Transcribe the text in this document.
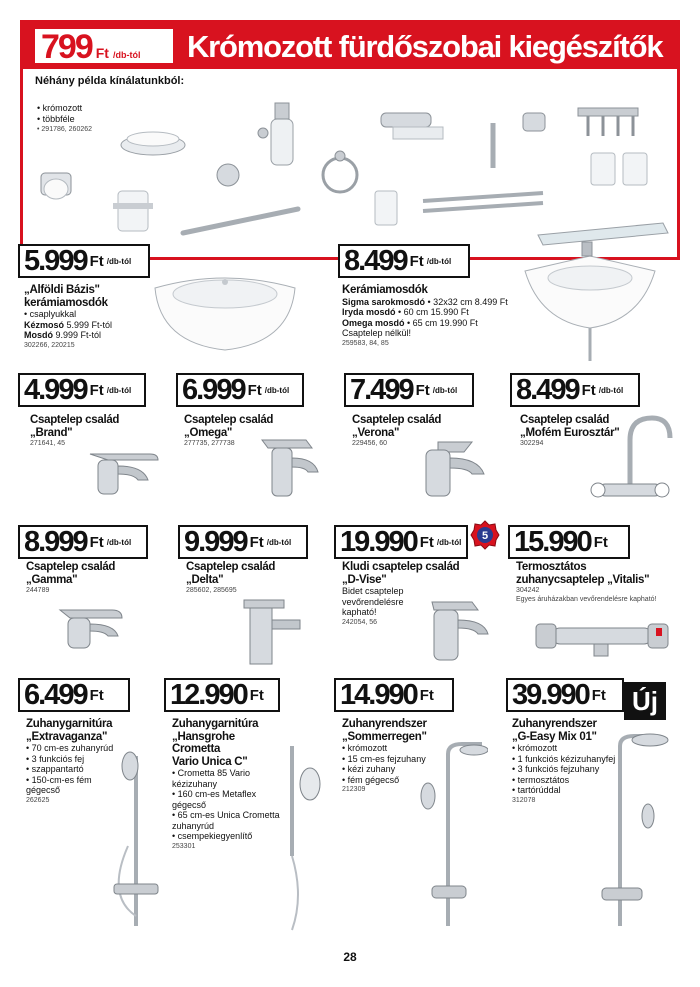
799 Ft /db-tól Krómozott fürdőszobai kiegészítők
Néhány példa kínálatunkból:
• krómozott
• többféle
• 291786, 260262
5.999 Ft /db-tól
„Alföldi Bázis"
kerámiamosdók
• csaplyukkal
Kézmosó 5.999 Ft-tól
Mosdó 9.999 Ft-tól
302266, 220215
8.499 Ft /db-tól
Kerámiamosdók
Sigma sarokmosdó • 32x32 cm 8.499 Ft
Iryda mosdó • 60 cm 15.990 Ft
Omega mosdó • 65 cm 19.990 Ft
Csaptelep nélkül!
259583, 84, 85
4.999 Ft /db-tól
Csaptelep család
„Brand"
271641, 45
6.999 Ft /db-tól
Csaptelep család
„Omega"
277735, 277738
7.499 Ft /db-tól
Csaptelep család
„Verona"
229456, 60
8.499 Ft /db-tól
Csaptelep család
„Mofém Eurosztár"
302294
8.999 Ft /db-tól
Csaptelep család
„Gamma"
244789
9.999 Ft /db-tól
Csaptelep család
„Delta"
285602, 285695
19.990 Ft /db-tól 5
Kludi csaptelep család
„D-Vise"
Bidet csaptelep vevőrendelésre kapható!
242054, 56
15.990 Ft
Termosztátos
zuhanycsaptelep „Vitalis"
304242
Egyes áruházakban vevőrendelésre kapható!
6.499 Ft
Zuhanygarnitúra
„Extravaganza"
• 70 cm-es zuhanyrúd
• 3 funkciós fej
• szappantartó
• 150-cm-es fém gégecső
262625
12.990 Ft
Zuhanygarnitúra
„Hansgrohe
Crometta
Vario Unica C"
• Crometta 85 Vario kézizuhany
• 160 cm-es Metaflex gégecső
• 65 cm-es Unica Crometta zuhanyrúd
• csempekiegyenlítő
253301
14.990 Ft
Zuhanyrendszer
„Sommerregen"
• krómozott
• 15 cm-es fejzuhany
• kézi zuhany
• fém gégecső
212309
39.990 Ft	Új
Zuhanyrendszer
„G-Easy Mix 01"
• krómozott
• 1 funkciós kézizuhanyfej
• 3 funkciós fejzuhany
• termosztátos
• tartórúddal
312078
28
